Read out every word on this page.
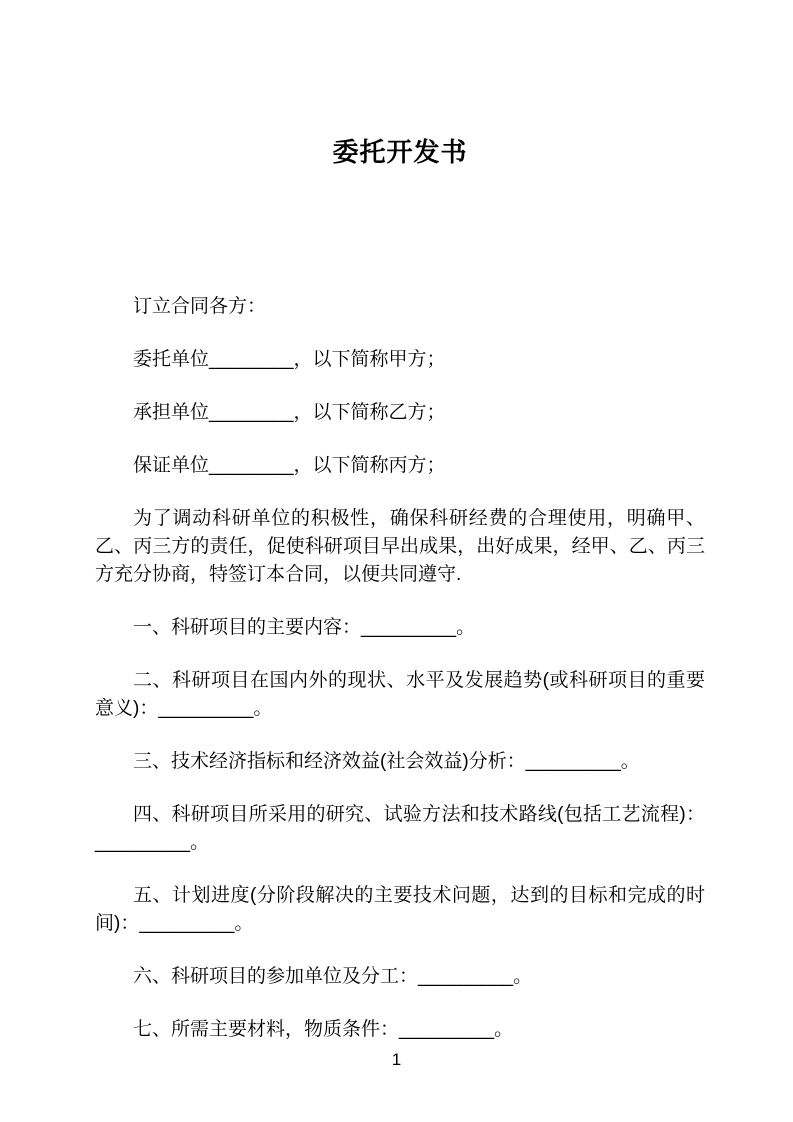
委托开发书

订立合同各方：

委托单位________，以下简称甲方；

承担单位________，以下简称乙方；

保证单位________，以下简称丙方；

为了调动科研单位的积极性，确保科研经费的合理使用，明确甲、乙、丙三方的责任，促使科研项目早出成果，出好成果，经甲、乙、丙三方充分协商，特签订本合同，以便共同遵守.

一、科研项目的主要内容：_________。

二、科研项目在国内外的现状、水平及发展趋势(或科研项目的重要意义)：_________。

三、技术经济指标和经济效益(社会效益)分析：_________。

四、科研项目所采用的研究、试验方法和技术路线(包括工艺流程)：_________。

五、计划进度(分阶段解决的主要技术问题，达到的目标和完成的时间)：_________。

六、科研项目的参加单位及分工：_________。

七、所需主要材料，物质条件：_________。

1
